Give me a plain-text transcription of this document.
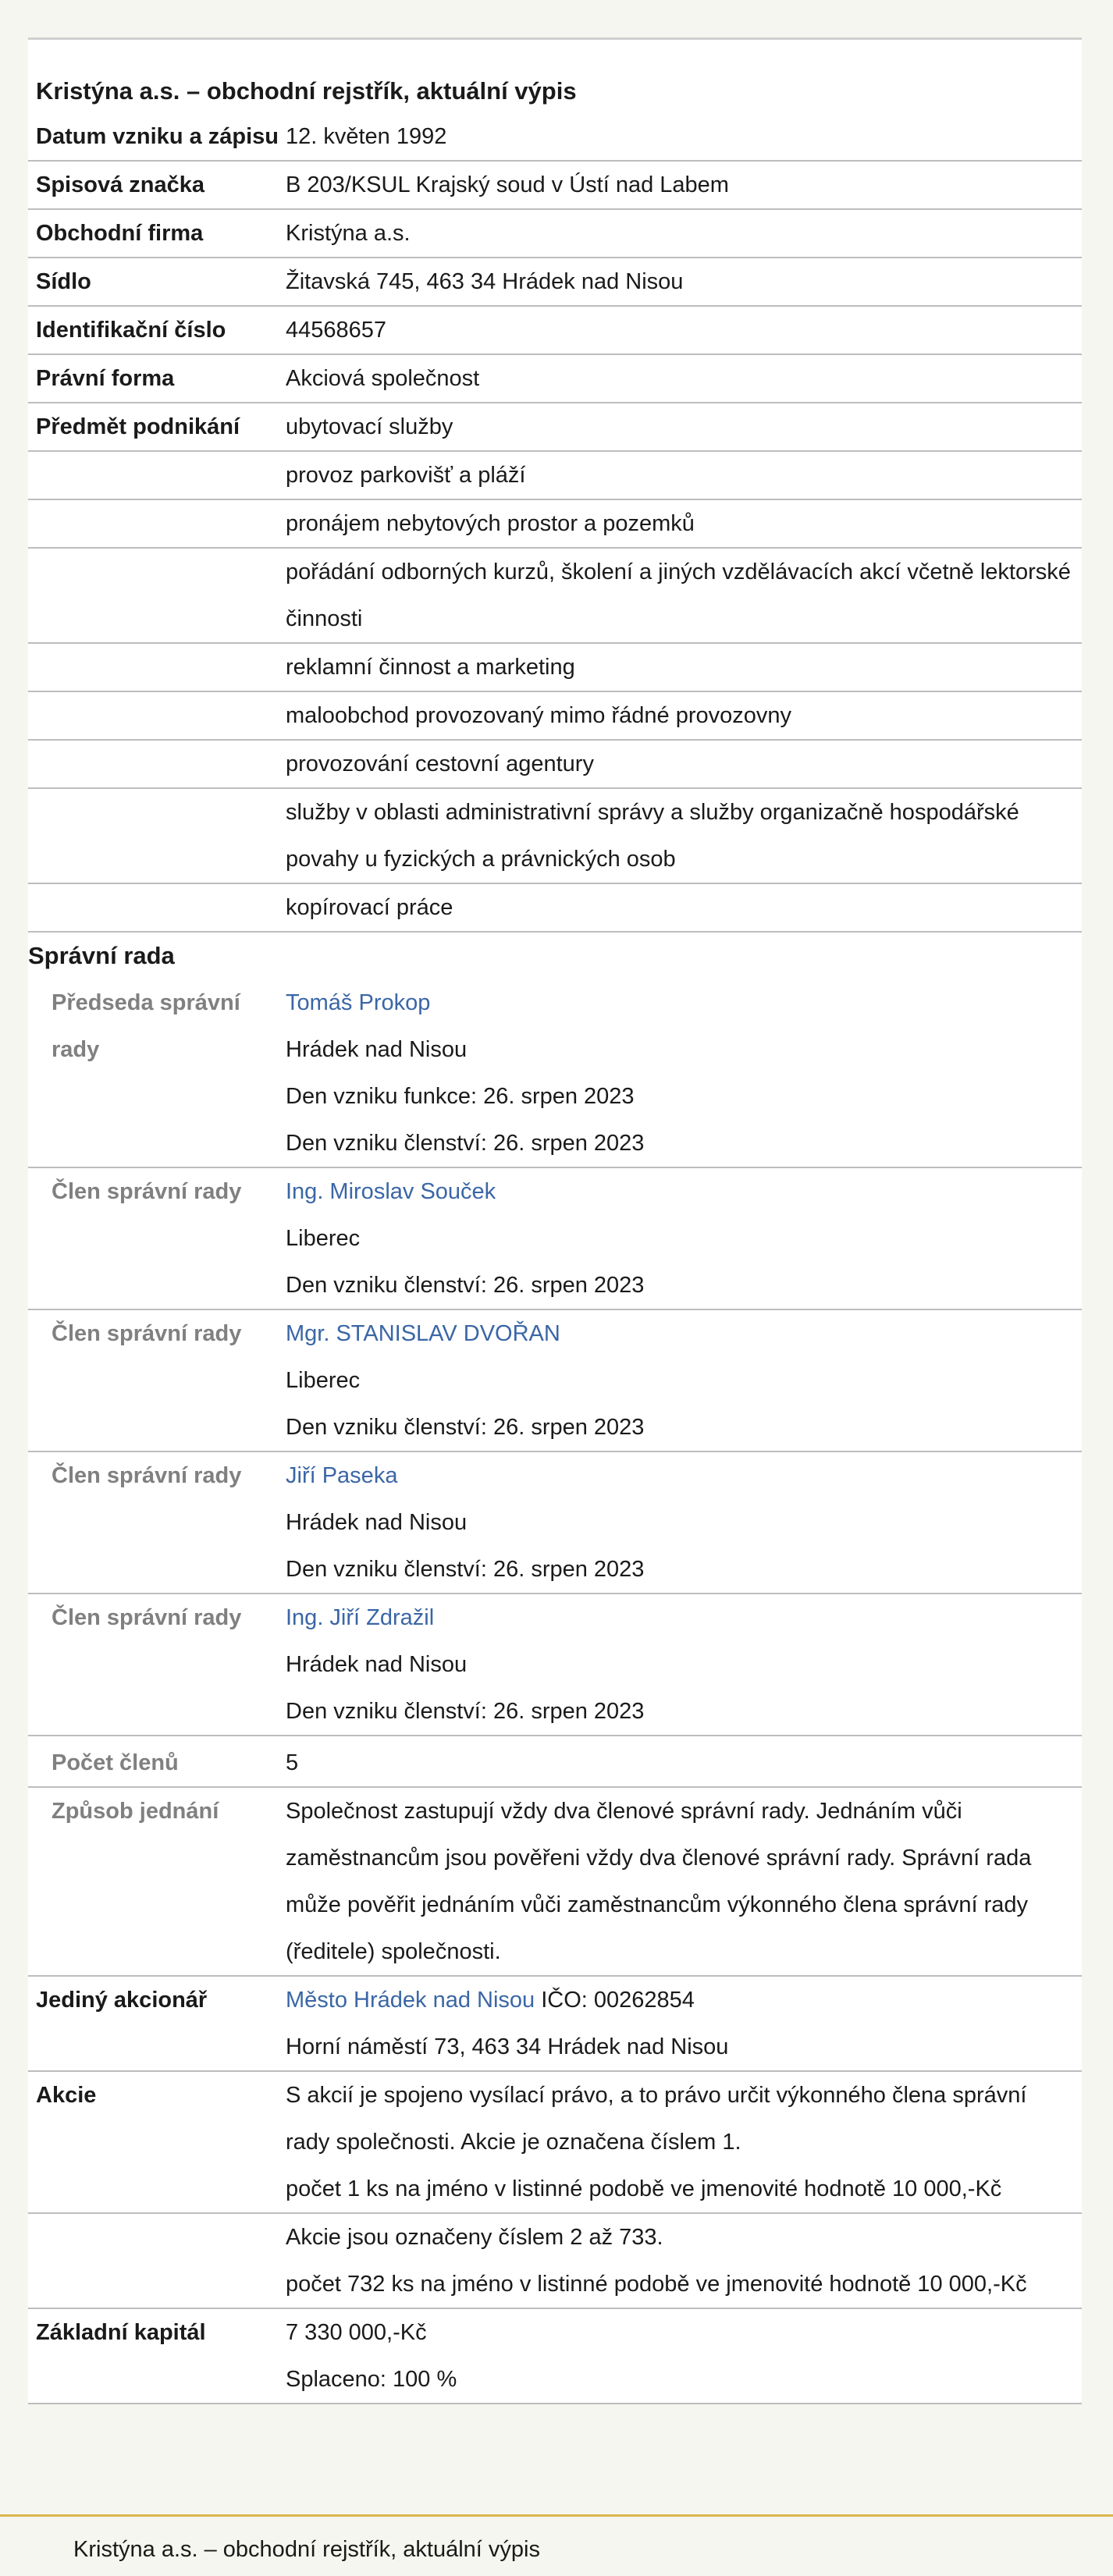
Kristýna a.s. – obchodní rejstřík, aktuální výpis
Datum vzniku a zápisu	12. květen 1992
Spisová značka	B 203/KSUL Krajský soud v Ústí nad Labem
Obchodní firma	Kristýna a.s.
Sídlo	Žitavská 745, 463 34 Hrádek nad Nisou
Identifikační číslo	44568657
Právní forma	Akciová společnost
Předmět podnikání	ubytovací služby
	provoz parkovišť a pláží
	pronájem nebytových prostor a pozemků
	pořádání odborných kurzů, školení a jiných vzdělávacích akcí včetně lektorské činnosti
	reklamní činnost a marketing
	maloobchod provozovaný mimo řádné provozovny
	provozování cestovní agentury
	služby v oblasti administrativní správy a služby organizačně hospodářské povahy u fyzických a právnických osob
	kopírovací práce
Správní rada	
Předseda správní rady	Tomáš Prokop
Hrádek nad Nisou
Den vzniku funkce: 26. srpen 2023
Den vzniku členství: 26. srpen 2023

Člen správní rady	Ing. Miroslav Souček
Liberec
Den vzniku členství: 26. srpen 2023

Člen správní rady	Mgr. STANISLAV DVOŘAN
Liberec
Den vzniku členství: 26. srpen 2023

Člen správní rady	Jiří Paseka
Hrádek nad Nisou
Den vzniku členství: 26. srpen 2023

Člen správní rady	Ing. Jiří Zdražil
Hrádek nad Nisou
Den vzniku členství: 26. srpen 2023

Počet členů	5
Způsob jednání	Společnost zastupují vždy dva členové správní rady. Jednáním vůči zaměstnancům jsou pověřeni vždy dva členové správní rady. Správní rada může pověřit jednáním vůči zaměstnancům výkonného člena správní rady (ředitele) společnosti.
Jediný akcionář	Město Hrádek nad Nisou IČO: 00262854
Horní náměstí 73, 463 34 Hrádek nad Nisou

Akcie	S akcií je spojeno vysílací právo, a to právo určit výkonného člena správní rady společnosti. Akcie je označena číslem 1.
počet 1 ks na jméno v listinné podobě ve jmenovité hodnotě 10 000,-Kč

	Akcie jsou označeny číslem 2 až 733.
počet 732 ks na jméno v listinné podobě ve jmenovité hodnotě 10 000,-Kč

Základní kapitál	7 330 000,-Kč
Splaceno: 100 %
Kristýna a.s. – obchodní rejstřík, aktuální výpis
